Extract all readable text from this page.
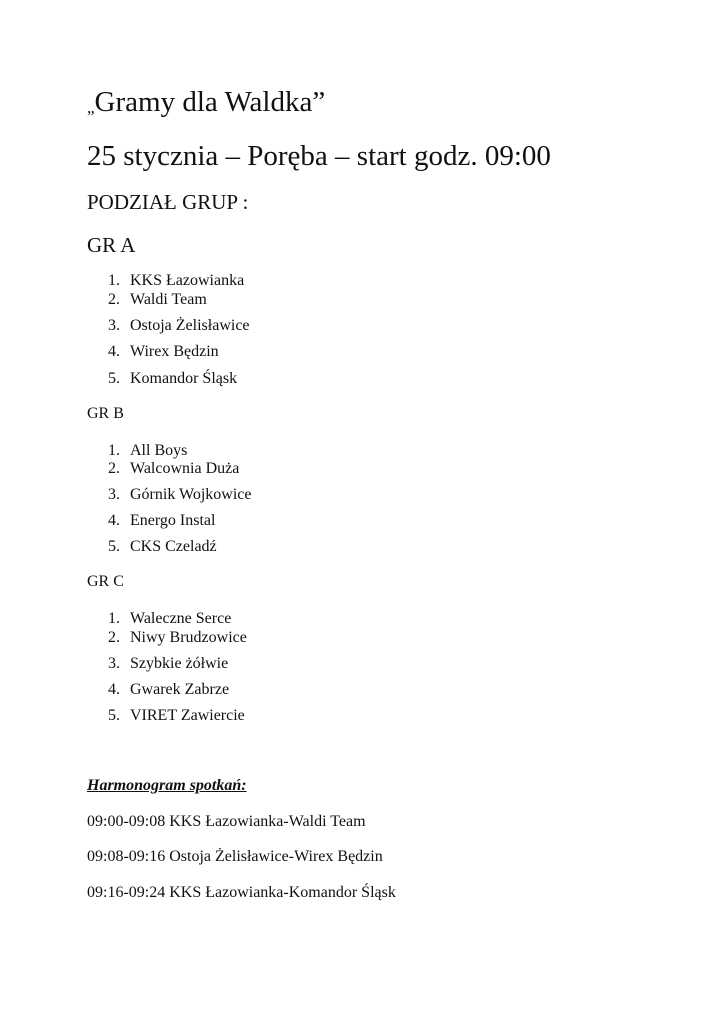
„Gramy dla Waldka”
25 stycznia – Poręba – start godz. 09:00
PODZIAŁ GRUP :
GR A
1. KKS Łazowianka
2. Waldi Team
3. Ostoja Żelisławice
4. Wirex Będzin
5. Komandor Śląsk
GR B
1. All Boys
2. Walcownia Duża
3. Górnik Wojkowice
4. Energo Instal
5. CKS Czeladź
GR C
1. Waleczne Serce
2. Niwy Brudzowice
3. Szybkie żółwie
4. Gwarek Zabrze
5. VIRET Zawiercie
Harmonogram spotkań:
09:00-09:08 KKS Łazowianka-Waldi Team
09:08-09:16 Ostoja Żelisławice-Wirex Będzin
09:16-09:24 KKS Łazowianka-Komandor Śląsk
